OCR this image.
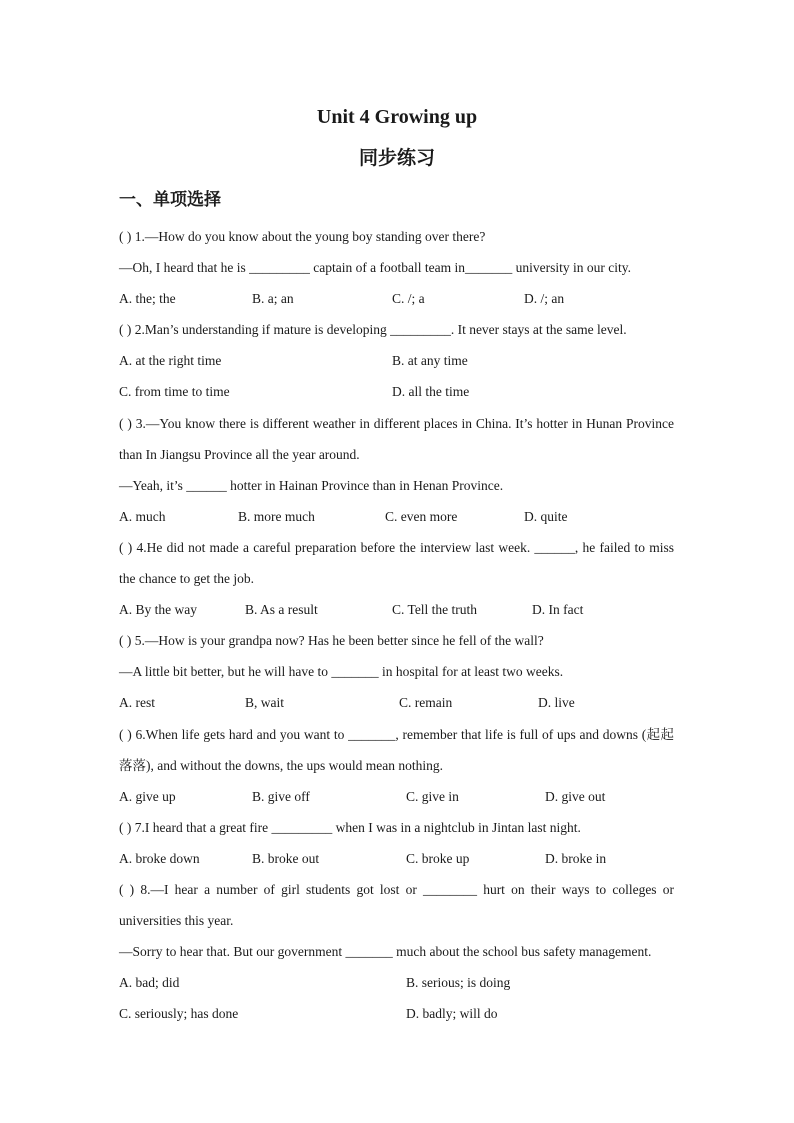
Unit 4 Growing up
同步练习
一、单项选择
( ) 1.—How do you know about the young boy standing over there?
—Oh, I heard that he is _________ captain of a football team in_______ university in our city.
A. the; the	B. a; an	C. /; a	D. /; an
( ) 2.Man’s understanding if mature is developing _________. It never stays at the same level.
A. at the right time	B. at any time
C. from time to time	D. all the time
( ) 3.—You know there is different weather in different places in China. It’s hotter in Hunan Province than In Jiangsu Province all the year around.
—Yeah, it’s ______ hotter in Hainan Province than in Henan Province.
A. much	B. more much	C. even more	D. quite
( ) 4.He did not made a careful preparation before the interview last week. ______, he failed to miss the chance to get the job.
A. By the way	B. As a result	C. Tell the truth	D. In fact
( ) 5.—How is your grandpa now? Has he been better since he fell of the wall?
—A little bit better, but he will have to _______ in hospital for at least two weeks.
A. rest	B, wait	C. remain	D. live
( ) 6.When life gets hard and you want to _______, remember that life is full of ups and downs (起起落落), and without the downs, the ups would mean nothing.
A. give up	B. give off	C. give in	D. give out
( ) 7.I heard that a great fire _________ when I was in a nightclub in Jintan last night.
A. broke down	B. broke out	C. broke up	D. broke in
( ) 8.—I hear a number of girl students got lost or ________ hurt on their ways to colleges or universities this year.
—Sorry to hear that. But our government _______ much about the school bus safety management.
A. bad; did	B. serious; is doing
C. seriously; has done	D. badly; will do
